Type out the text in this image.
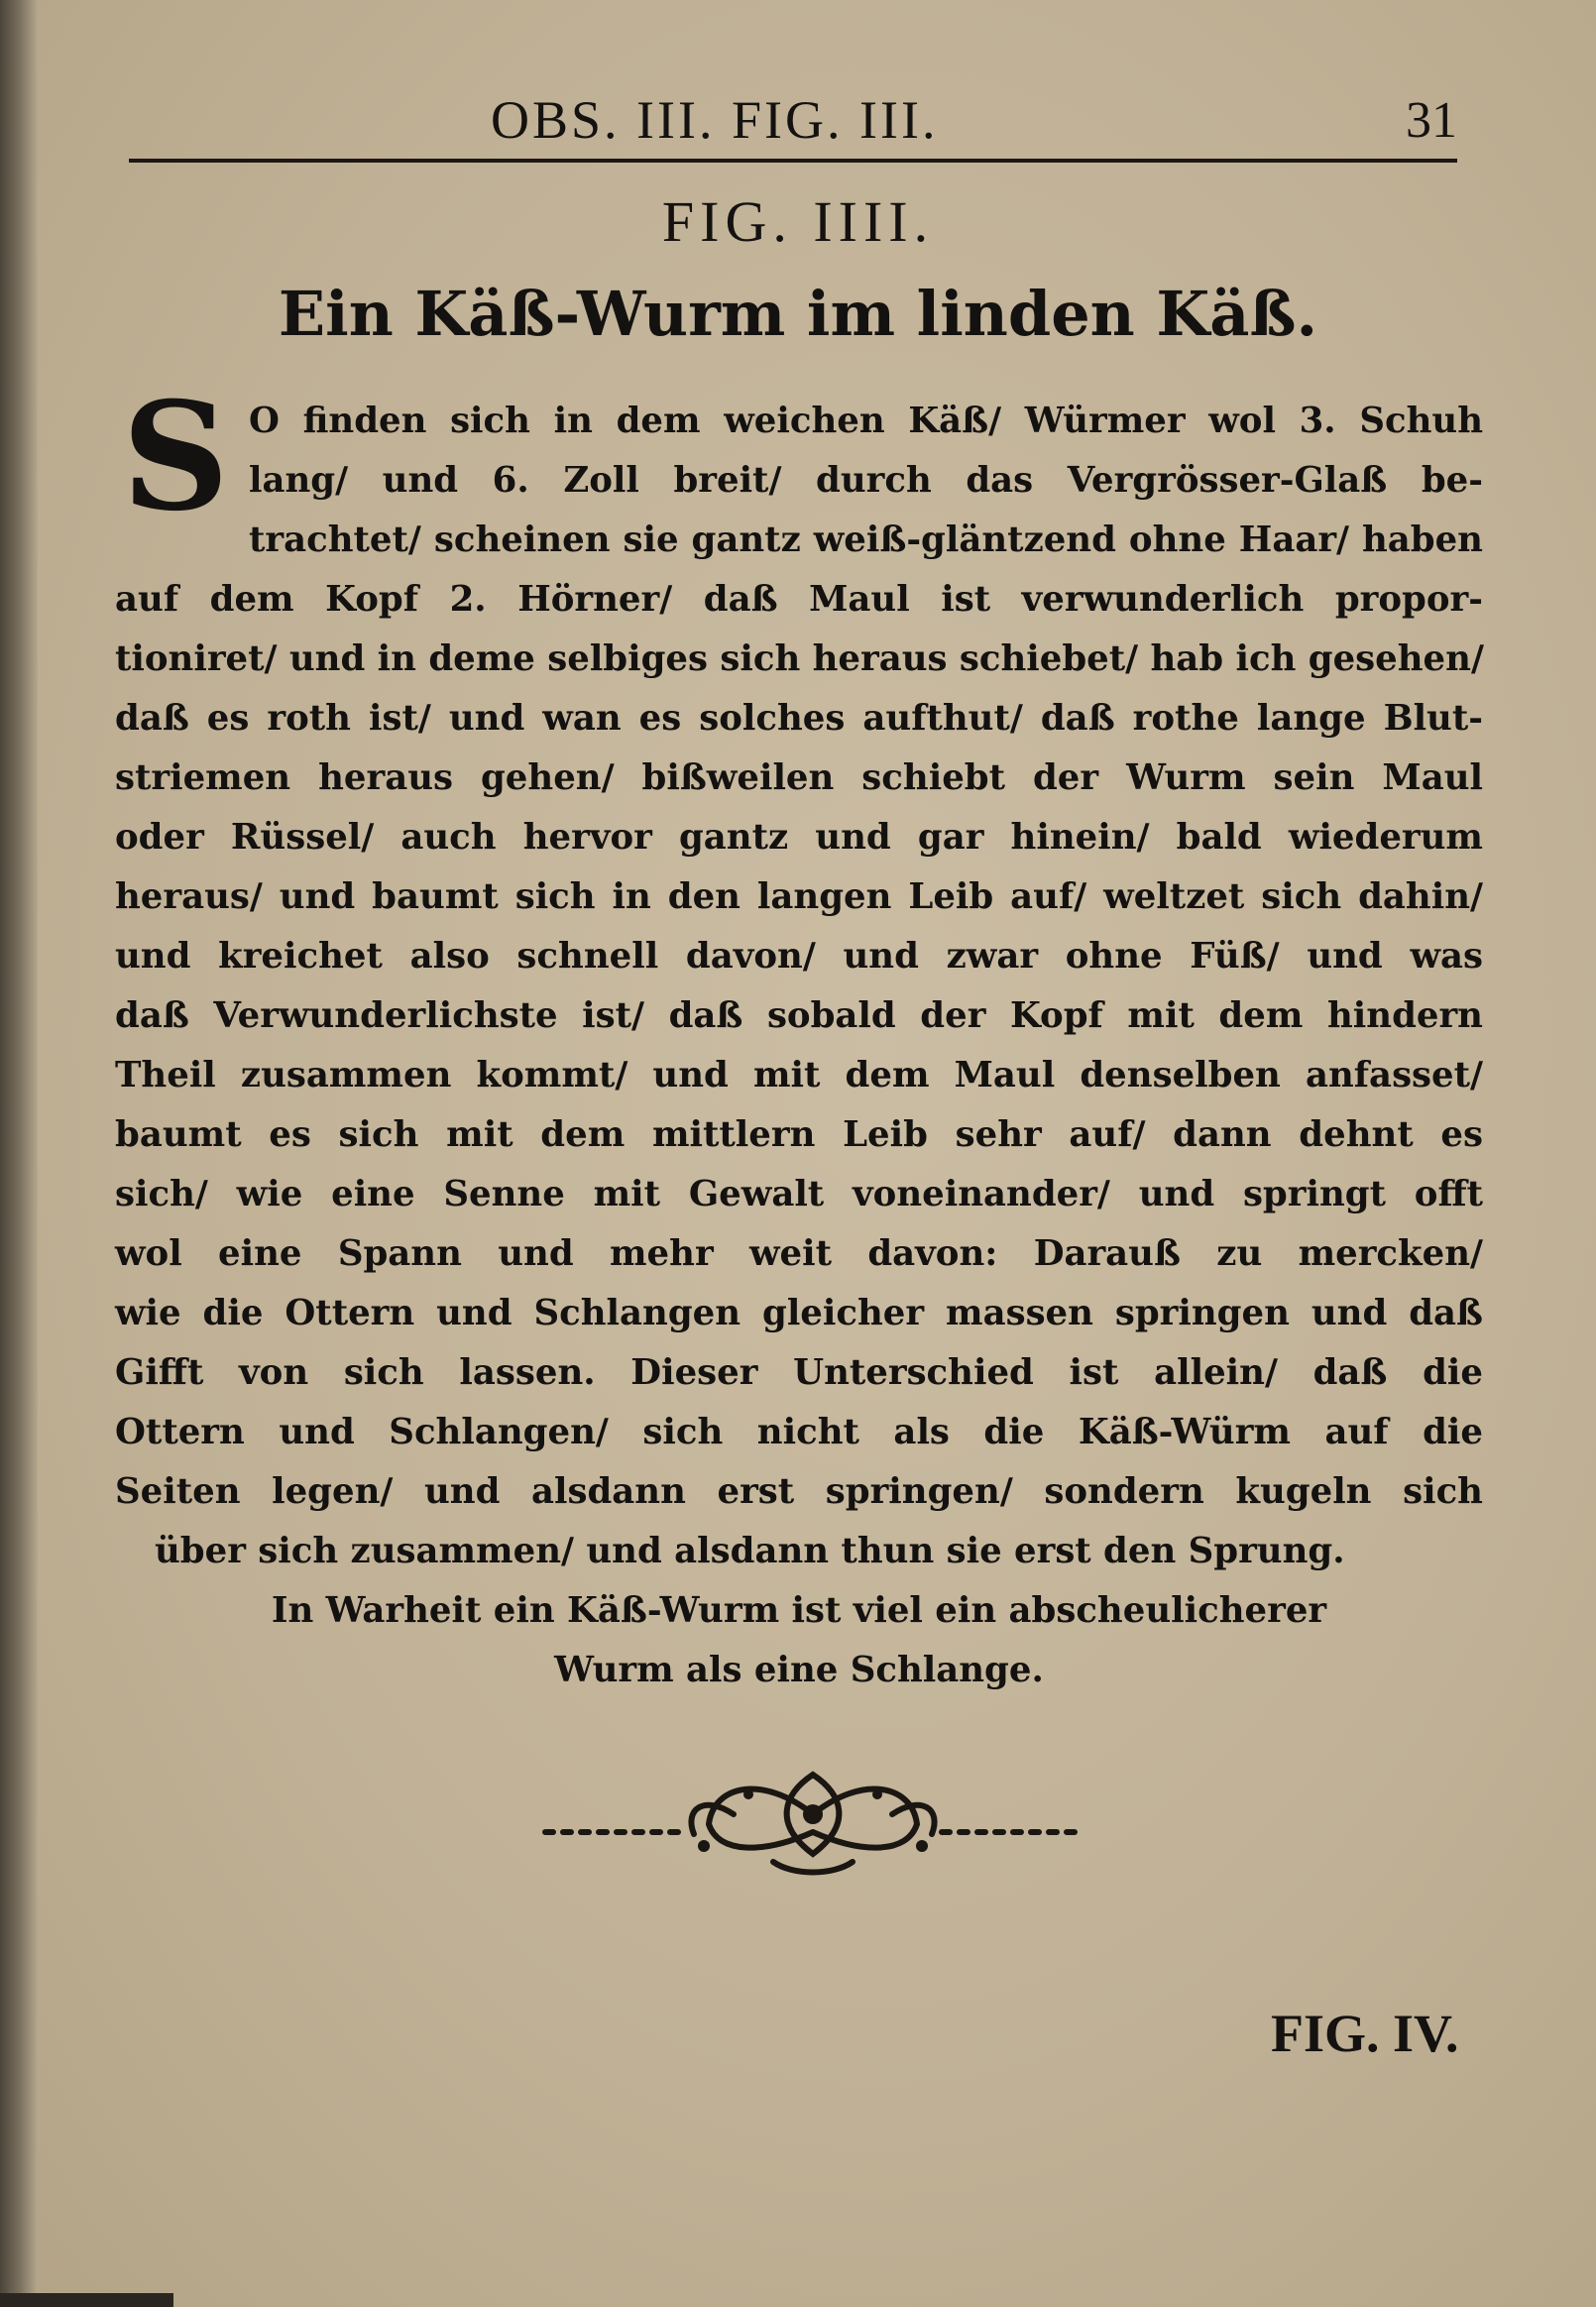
OBS. III. FIG. III.	31
FIG. IIII.
Ein Käß-Wurm im linden Käß.
S O finden sich in dem weichen Käß/ Würmer wol 3. Schuh
lang/ und 6. Zoll breit/ durch das Vergrösser-Glaß be-
trachtet/ scheinen sie gantz weiß-gläntzend ohne Haar/ haben
auf dem Kopf 2. Hörner/ daß Maul ist verwunderlich propor-
tioniret/ und in deme selbiges sich heraus schiebet/ hab ich gesehen/
daß es roth ist/ und wan es solches aufthut/ daß rothe lange Blut-
striemen heraus gehen/ bißweilen schiebt der Wurm sein Maul
oder Rüssel/ auch hervor gantz und gar hinein/ bald wiederum
heraus/ und baumt sich in den langen Leib auf/ weltzet sich dahin/
und kreichet also schnell davon/ und zwar ohne Füß/ und was
daß Verwunderlichste ist/ daß sobald der Kopf mit dem hindern
Theil zusammen kommt/ und mit dem Maul denselben anfasset/
baumt es sich mit dem mittlern Leib sehr auf/ dann dehnt es
sich/ wie eine Senne mit Gewalt voneinander/ und springt offt
wol eine Spann und mehr weit davon: Darauß zu mercken/
wie die Ottern und Schlangen gleicher massen springen und daß
Gifft von sich lassen. Dieser Unterschied ist allein/ daß die
Ottern und Schlangen/ sich nicht als die Käß-Würm auf die
Seiten legen/ und alsdann erst springen/ sondern kugeln sich
über sich zusammen/ und alsdann thun sie erst den Sprung.
In Warheit ein Käß-Wurm ist viel ein abscheulicherer
Wurm als eine Schlange.
FIG. IV.
